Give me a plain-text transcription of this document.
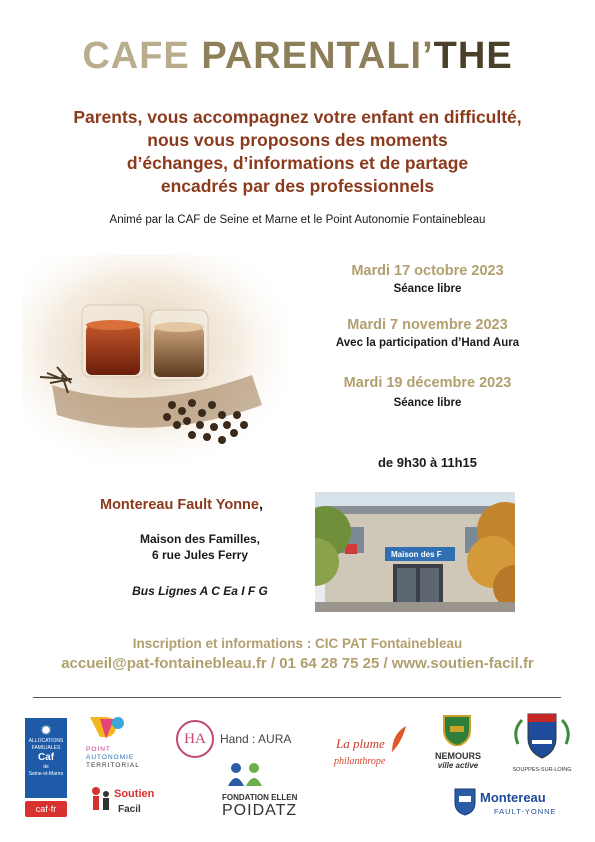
CAFE PARENTALI’THE
Parents, vous accompagnez votre enfant en difficulté,
nous vous proposons des moments
d’échanges, d’informations et de partage
encadrés par des professionnels
Animé par la CAF de Seine et Marne et le Point Autonomie Fontainebleau
Mardi 17 octobre 2023
Séance libre
Mardi 7 novembre 2023
Avec la participation d’Hand Aura
Mardi 19 décembre 2023
Séance libre
de 9h30 à 11h15
Montereau Fault Yonne,
Maison des Familles,
6 rue Jules Ferry
Bus Lignes A C Ea I F G
Maison des F
Inscription et informations : CIC PAT Fontainebleau
accueil@pat-fontainebleau.fr / 01 64 28 75 25 / www.soutien-facil.fr
✹
ALLOCATIONS
FAMILIALES
Caf
de
Seine-et-Marne
caf·fr
POINT
AUTONOMIE
TERRITORIAL
Soutien
Facil
HA	Hand : AURA
FONDATION ELLEN
POIDATZ
La plume
philanthrope	NEMOURS
ville active	SOUPPES-SUR-LOING
Montereau
FAULT-YONNE
